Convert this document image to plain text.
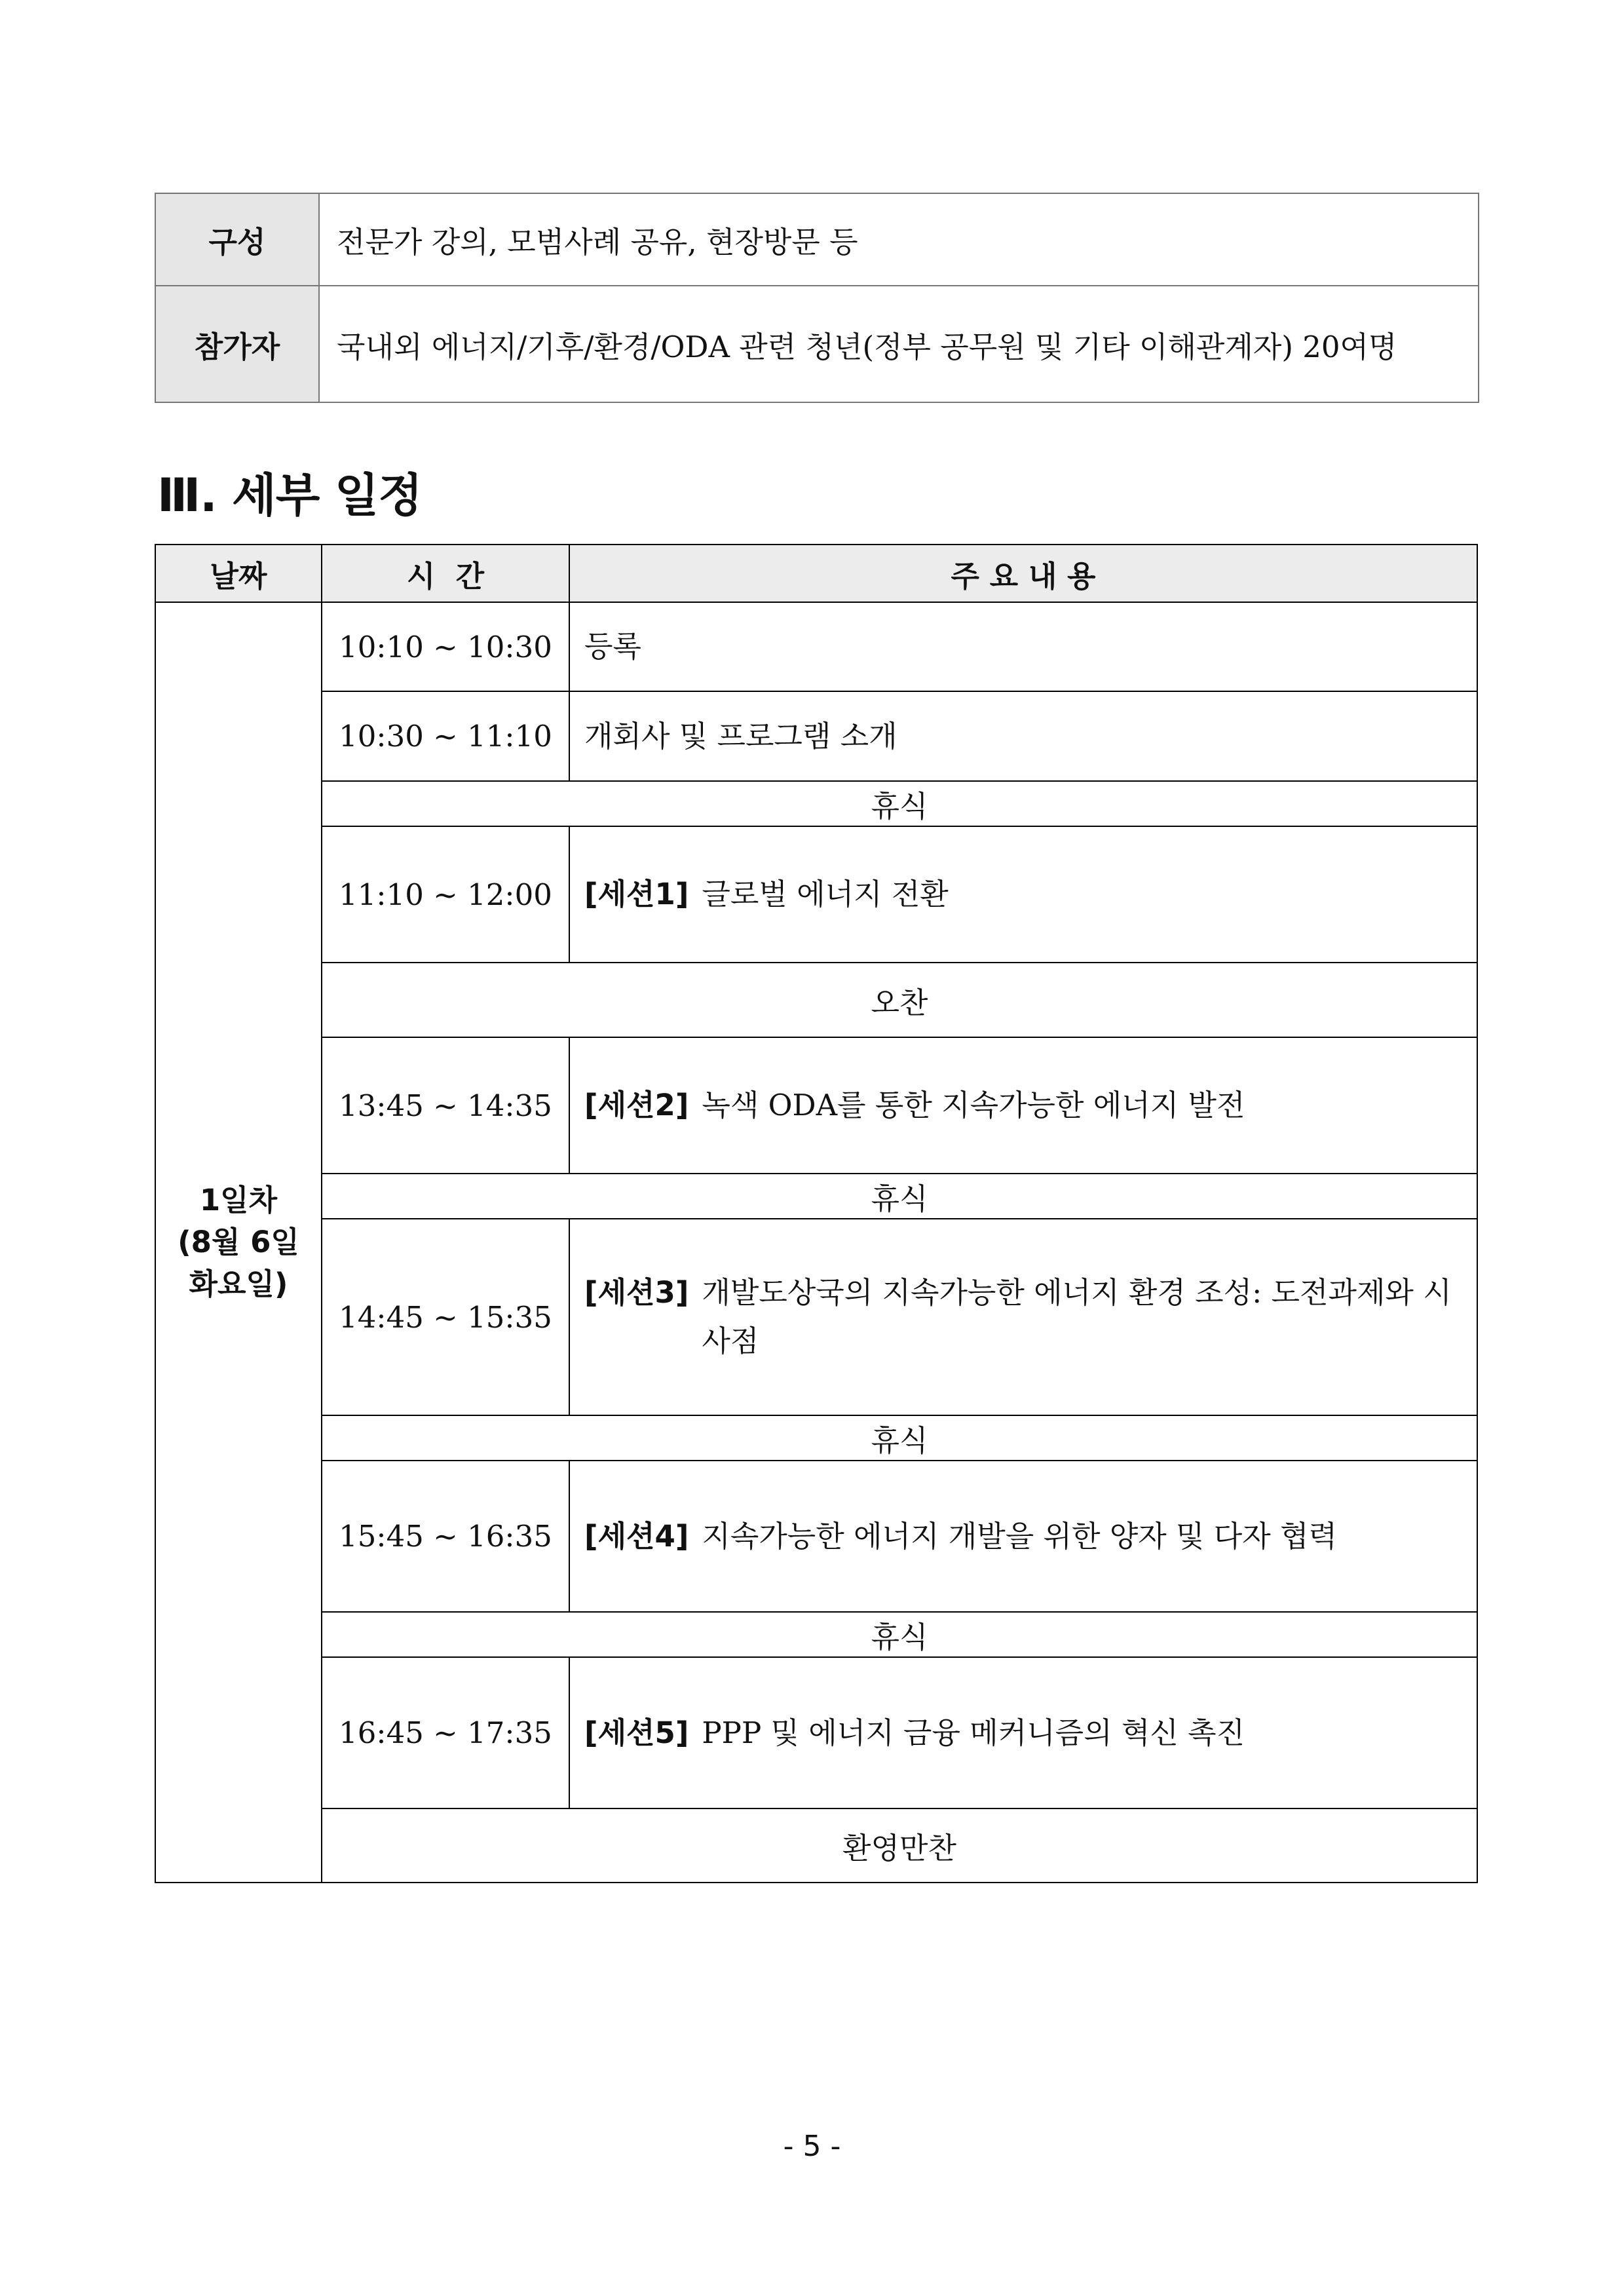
구성	전문가 강의, 모범사례 공유, 현장방문 등
참가자	국내외 에너지/기후/환경/ODA 관련 청년(정부 공무원 및 기타 이해관계자) 20여명
Ⅲ. 세부 일정
날짜	시  간	주 요 내 용

1일차
(8월 6일
화요일)	10:10 ~ 10:30	등록
	10:30 ~ 11:10	개회사 및 프로그램 소개
	휴식	
	11:10 ~ 12:00	[세션1] 글로벌 에너지 전환

	오찬	
	13:45 ~ 14:35	[세션2] 녹색 ODA를 통한 지속가능한 에너지 발전

	휴식	
	14:45 ~ 15:35	[세션3] 개발도상국의 지속가능한 에너지 환경 조성: 도전과제와 시사점

	휴식	
	15:45 ~ 16:35	[세션4] 지속가능한 에너지 개발을 위한 양자 및 다자 협력

	휴식	
	16:45 ~ 17:35	[세션5] PPP 및 에너지 금융 메커니즘의 혁신 촉진

	환영만찬	
- 5 -
